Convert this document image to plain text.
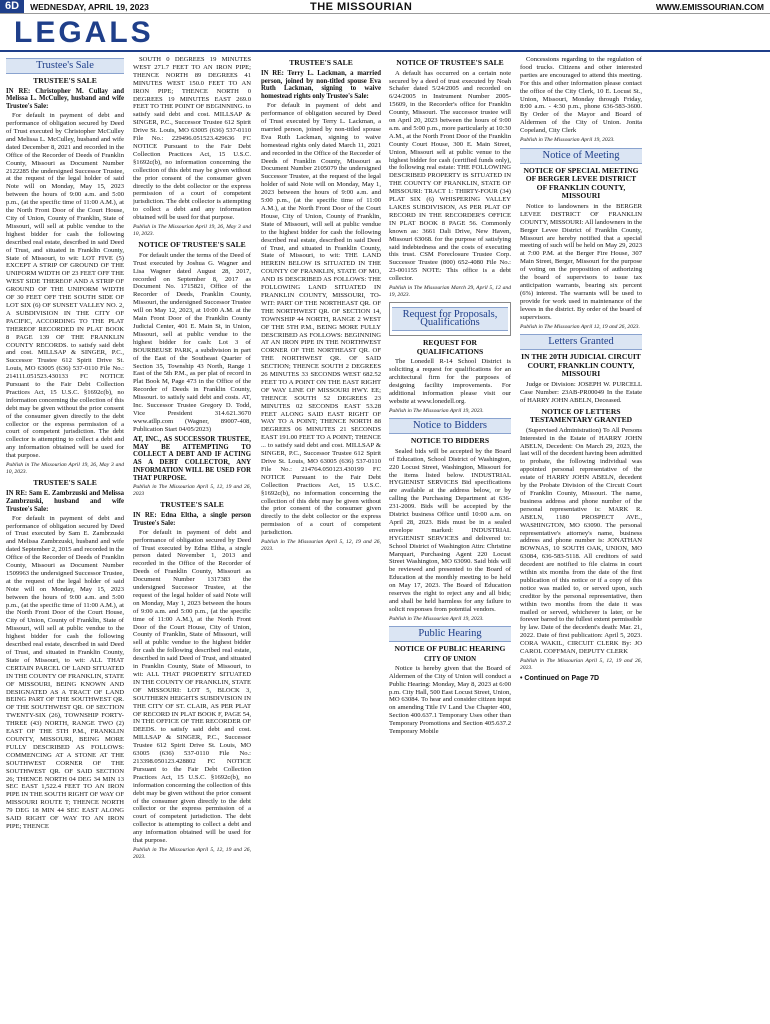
6D	WEDNESDAY, APRIL 19, 2023	THE MISSOURIAN	WWW.EMISSOURIAN.COM
LEGALS
Trustee's Sale
TRUSTEE'S SALE
IN RE: Christopher M. Cullay and Melissa L. McCulley, husband and wife Trustee's Sale:
For default in payment of debt and performance of obligation secured by Deed of Trust executed by Christopher McCulley and Melissa L. McCulley, husband and wife dated December 8, 2021 and recorded in the Office of the Recorder of Deeds of Franklin County, Missouri as Document Number 2122285 the undersigned Successor Trustee, at the request of the legal holder of said Note will on Monday, May 15, 2023 between the hours of 9:00 a.m. and 5:00 p.m., (at the specific time of 11:00 A.M.), at the North Front Door of the Court House, City of Union, County of Franklin, State of Missouri, will sell at public vendue to the highest bidder for cash the following described real estate, described in said Deed of Trust, and situated in Franklin County, State of Missouri, to wit: LOT FIVE (5) EXCEPT A STRIP OF GROUND OF THE UNIFORM WIDTH OF 23 FEET OFF THE WEST SIDE THEREOF AND A STRIP OF GROUND OF THE UNIFORM WIDTH OF 30 FEET OFF THE SOUTH SIDE OF LOT SIX (6) OF SUNSET VALLEY NO. 2, A SUBDIVISION IN THE CITY OF PACIFIC, ACCORDING TO THE PLAT THEREOF RECORDED IN PLAT BOOK 8 PAGE 139 OF THE FRANKLIN COUNTY RECORDS. to satisfy said debt and cost. MILLSAP & SINGER, P.C., Successor Trustee 612 Spirit Drive St. Louis, MO 63005 (636) 537-0110 File No.: 214111.051523.430133 FC NOTICE Pursuant to the Fair Debt Collection Practices Act, 15 U.S.C. §1692c(b), no information concerning the collection of this debt may be given without the prior consent of the consumer given directly to the debt collector or the express permission of a court of competent jurisdiction. The debt collector is attempting to collect a debt and any information obtained will be used for that purpose.
Publish in The Missourian April 19, 26, May 3 and 10, 2023.
TRUSTEE'S SALE
IN RE: Sam E. Zambrzuski and Melissa Zambrzuski, husband and wife Trustee's Sale:
For default in payment of debt and performance of obligation secured by Deed of Trust executed by Sam E. Zambrzuski and Melissa Zambrzuski, husband and wife dated September 2, 2015 and recorded in the Office of the Recorder of Deeds of Franklin County, Missouri as Document Number 1509963 the undersigned Successor Trustee, at the request of the legal holder of said Note will on Monday, May 15, 2023 between the hours of 9:00 a.m. and 5:00 p.m., (at the specific time of 11:00 A.M.), at the North Front Door of the Court House, City of Union, County of Franklin, State of Missouri, will sell at public vendue to the highest bidder for cash the following described real estate, described in said Deed of Trust, and situated in Franklin County, State of Missouri, to wit: ALL THAT CERTAIN PARCEL OF LAND SITUATED IN THE COUNTY OF FRANKLIN, STATE OF MISSOURI, BEING KNOWN AND DESIGNATED AS A TRACT OF LAND BEING PART OF THE SOUTHWEST QR. OF THE SOUTHWEST QR. OF SECTION TWENTY-SIX (26), TOWNSHIP FORTY-THREE (43) NORTH, RANGE TWO (2) EAST OF THE 5TH P.M., FRANKLIN COUNTY, MISSOURI, BEING MORE FULLY DESCRIBED AS FOLLOWS: COMMENCING AT A STONE AT THE SOUTHWEST CORNER OF THE SOUTHWEST QR. OF SAID SECTION 26; THENCE NORTH 04 DEG 34 MIN 13 SEC EAST 1,522.4 FEET TO AN IRON PIPE IN THE SOUTH RIGHT OF WAY OF MISSOURI ROUTE T; THENCE NORTH 79 DEG 18 MIN 44 SEC EAST ALONG SAID RIGHT OF WAY TO AN IRON PIPE; THENCE
SOUTH 0 DEGREES 19 MINUTES WEST 271.7 FEET TO AN IRON PIPE; THENCE NORTH 89 DEGREES 41 MINUTES WEST 150.0 FEET TO AN IRON PIPE; THENCE NORTH 0 DEGREES 19 MINUTES EAST 269.0 FEET TO THE POINT OF BEGINNING. to satisfy said debt and cost. MILLSAP & SINGER, P.C., Successor Trustee 612 Spirit Drive St. Louis, MO 63005 (636) 537-0110 File No.: 229496.051523.429636 FC NOTICE Pursuant to the Fair Debt Collection Practices Act, 15 U.S.C. §1692c(b), no information concerning the collection of this debt may be given without the prior consent of the consumer given directly to the debt collector or the express permission of a court of competent jurisdiction. The debt collector is attempting to collect a debt and any information obtained will be used for that purpose.
Publish in The Missourian April 19, 26, May 3 and 10, 2023.
NOTICE OF TRUSTEE'S SALE
For default under the terms of the Deed of Trust executed by Joshua G. Wagner and Lisa Wagner dated August 28, 2017, recorded on September 8, 2017 as Document No. 1715821, Office of the Recorder of Deeds, Franklin County, Missouri, the undersigned Successor Trustee will on May 12, 2023, at 10:00 A.M. at the Main Front Door of the Franklin County Judicial Center, 401 E. Main St, in Union, Missouri, sell at public vendue to the highest bidder for cash: Lot 3 of BOURBEUSE PARK, a subdivision in part of the East of the Southeast Quarter of Section 35, Township 43 North, Range 1 East of the 5th P.M., as per plat of record in Plat Book M, Page 473 in the Office of the Recorder of Deeds in Franklin County, Missouri. to satisfy said debt and costs. AT, Inc. Successor Trustee Gregory D. Todd, Vice President 314.621.3670 www.atllp.com (Wagner, 89007-408, Publication Start 04/05/2023)
AT, INC., AS SUCCESSOR TRUSTEE, MAY BE ATTEMPTING TO COLLECT A DEBT AND IF ACTING AS A DEBT COLLECTOR, ANY INFORMATION WILL BE USED FOR THAT PURPOSE.
Publish in The Missourian April 5, 12, 19 and 26, 2023
TRUSTEE'S SALE
IN RE: Edna Eltha, a single person Trustee's Sale:
For default in payment of debt and performance of obligation secured by Deed of Trust executed by Edna Eltha, a single person dated November 1, 2013 and recorded in the Office of the Recorder of Deeds of Franklin County, Missouri as Document Number 1317383 the undersigned Successor Trustee, at the request of the legal holder of said Note will on Monday, May 1, 2023 between the hours of 9:00 a.m. and 5:00 p.m., (at the specific time of 11:00 A.M.), at the North Front Door of the Court House, City of Union, County of Franklin, State of Missouri, will sell at public vendue to the highest bidder for cash the following described real estate, described in said Deed of Trust, and situated in Franklin County, State of Missouri, to wit: ALL THAT PROPERTY SITUATED IN THE COUNTY OF FRANKLIN, STATE OF MISSOURI: LOT 5, BLOCK 3, SOUTHERN HEIGHTS SUBDIVISION IN THE CITY OF ST. CLAIR, AS PER PLAT OF RECORD IN PLAT BOOK F, PAGE 54, IN THE OFFICE OF THE RECORDER OF DEEDS. to satisfy said debt and cost. MILLSAP & SINGER, P.C., Successor Trustee 612 Spirit Drive St. Louis, MO 63005 (636) 537-0110 File No.: 213398.050123.428802 FC NOTICE Pursuant to the Fair Debt Collection Practices Act, 15 U.S.C. §1692c(b), no information concerning the collection of this debt may be given without the prior consent of the consumer given directly to the debt collector or the express permission of a court of competent jurisdiction. The debt collector is attempting to collect a debt and any information obtained will be used for that purpose.
Publish in The Missourian April 5, 12, 19 and 26, 2023.
TRUSTEE'S SALE
IN RE: Terry L. Lackman, a married person, joined by non-titled spouse Eva Ruth Lackman, signing to waive homestead rights only Trustee's Sale:
For default in payment of debt and performance of obligation secured by Deed of Trust executed by Terry L. Lackman, a married person, joined by non-titled spouse Eva Ruth Lackman, signing to waive homestead rights only dated March 11, 2021 and recorded in the Office of the Recorder of Deeds of Franklin County, Missouri as Document Number 2105079 the undersigned Successor Trustee, at the request of the legal holder of said Note will on Monday, May 1, 2023 between the hours of 9:00 a.m. and 5:00 p.m., (at the specific time of 11:00 A.M.), at the North Front Door of the Court House, City of Union, County of Franklin, State of Missouri, will sell at public vendue to the highest bidder for cash the following described real estate, described in said Deed of Trust, and situated in Franklin County, State of Missouri, to wit: THE LAND HEREIN BELOW IS SITUATED IN THE COUNTY OF FRANKLIN, STATE OF MO, AND IS DESCRIBED AS FOLLOWS: THE FOLLOWING LAND SITUATED IN FRANKLIN COUNTY, MISSOURI, TO-WIT: PART OF THE NORTHEAST QR. OF THE NORTHWEST QR. OF SECTION 14, TOWNSHIP 44 NORTH, RANGE 2 WEST OF THE 5TH P.M., BEING MORE FULLY DESCRIBED AS FOLLOWS: BEGINNING AT AN IRON PIPE IN THE NORTHWEST CORNER OF THE NORTHEAST QR. OF THE NORTHWEST QR. OF SAID SECTION; THENCE SOUTH 2 DEGREES 26 MINUTES 33 SECONDS WEST 682.52 FEET TO A POINT ON THE EAST RIGHT OF WAY LINE OF MISSOURI HWY. EE; THENCE SOUTH 52 DEGREES 23 MINUTES 02 SECONDS EAST 53.28 FEET ALONG SAID EAST RIGHT OF WAY TO A POINT; THENCE NORTH 88 DEGREES 06 MINUTES 21 SECONDS EAST 191.00 FEET TO A POINT; THENCE ... to satisfy said debt and cost. MILLSAP & SINGER, P.C., Successor Trustee 612 Spirit Drive St. Louis, MO 63005 (636) 537-0110 File No.: 214764.050123.430199 FC NOTICE Pursuant to the Fair Debt Collection Practices Act, 15 U.S.C. §1692c(b), no information concerning the collection of this debt may be given without the prior consent of the consumer given directly to the debt collector or the express permission of a court of competent jurisdiction.
Publish in The Missourian April 5, 12, 19 and 26, 2023.
NOTICE OF TRUSTEE'S SALE
A default has occurred on a certain note secured by a deed of trust executed by Noah Schafer dated 5/24/2005 and recorded on 6/24/2005 in Instrument Number 2005-15609, in the Recorder's office for Franklin County, Missouri. The successor trustee will on April 20, 2023 between the hours of 9:00 a.m. and 5:00 p.m., more particularly at 10:30 A.M., at the North Front Door of the Franklin County Court House, 300 E. Main Street, Union, Missouri sell at public venue to the highest bidder for cash (certified funds only), the following real estate: THE FOLLOWING DESCRIBED PROPERTY IS SITUATED IN THE COUNTY OF FRANKLIN, STATE OF MISSOURI: TRACT 1: THIRTY-FOUR (34) PLAT SIX (6) WHISPERING VALLEY LAKES SUBDIVISION, AS PER PLAT OF RECORD IN THE RECORDER'S OFFICE IN PLAT BOOK 8 PAGE 56. Commonly known as: 3661 Dali Drive, New Haven, Missouri 63068. for the purpose of satisfying said indebtedness and the costs of executing this trust. CSM Foreclosure Trustee Corp. Successor Trustee (800) 652-4080 File No.: 23-001155 NOTE: This office is a debt collector.
Publish in The Missourian March 29, April 5, 12 and 19, 2023.
Request for Proposals, Qualifications
REQUEST FOR QUALIFICATIONS
The Lonedell R-14 School District is soliciting a request for qualifications for an architectural firm for the purposes of designing facility improvements. For additional information please visit our website at www.lonedell.org.
Publish in The Missourian April 19, 2023.
Notice to Bidders
NOTICE TO BIDDERS
Sealed bids will be accepted by the Board of Education, School District of Washington, 220 Locust Street, Washington, Missouri for the items listed below. INDUSTRIAL HYGIENIST SERVICES Bid specifications are available at the address below, or by calling the Purchasing Department at 636-231-2009. Bids will be accepted by the District business Office until 10:00 a.m. on April 28, 2023. Bids must be in a sealed envelope marked: INDUSTRIAL HYGIENIST SERVICES and delivered to: School District of Washington Attn: Christine Marquart, Purchasing Agent 220 Locust Street Washington, MO 63090. Said bids will be reviewed and presented to the Board of Education at the monthly meeting to be held on May 17, 2023. The Board of Education reserves the right to reject any and all bids; and shall be held harmless for any failure to solicit responses from potential vendors.
Publish in The Missourian April 19, 2023.
Public Hearing
NOTICE OF PUBLIC HEARING
CITY OF UNION
Notice is hereby given that the Board of Aldermen of the City of Union will conduct a Public Hearing: Monday, May 8, 2023 at 6:00 p.m. City Hall, 500 East Locust Street, Union, MO 63084. To hear and consider citizen input on amending Title IV Land Use Chapter 400, Section 400.637.1 Temporary Uses other than Temporary Promotions and Section 405.637.2 Temporary Mobile
Concessions regarding to the regulation of food trucks. Citizens and other interested parties are encouraged to attend this meeting. For this and other information please contact the office of the City Clerk, 10 E. Locust St., Union, Missouri, Monday through Friday, 8:00 a.m. - 4:30 p.m., phone 636-583-3600. By Order of the Mayor and Board of Aldermen of the City of Union. Jonita Copeland, City Clerk
Publish in The Missourian April 19, 2023.
Notice of Meeting
NOTICE OF SPECIAL MEETING OF BERGER LEVEE DISTRICT OF FRANKLIN COUNTY, MISSOURI
Notice to landowners in the BERGER LEVEE DISTRICT OF FRANKLIN COUNTY, MISSOURI: All landowners in the Berger Levee District of Franklin County, Missouri are hereby notified that a special meeting of such will be held on May 29, 2023 at 7:00 P.M. at the Berger Fire House, 307 Main Street, Berger, Missouri for the purpose of voting on the proposition of authorizing the board of supervisors to issue tax anticipation warrants, bearing six percent (6%) interest. The warrants will be used to provide for work used in maintenance of the levees in the district. By order of the board of supervisors.
Publish in The Missourian April 12, 19 and 26, 2023.
Letters Granted
IN THE 20TH JUDICIAL CIRCUIT COURT, FRANKLIN COUNTY, MISSOURI
Judge or Division: JOSEPH W. PURCELL Case Number: 23AB-PR00049 In the Estate of HARRY JOHN ABELN, Deceased.
NOTICE OF LETTERS TESTAMENTARY GRANTED
(Supervised Administration) To All Persons Interested in the Estate of HARRY JOHN ABELN, Decedent: On March 29, 2023, the last will of the decedent having been admitted to probate, the following individual was appointed personal representative of the estate of HARRY JOHN ABELN, decedent by the Probate Division of the Circuit Court of Franklin County, Missouri. The name, business address and phone number of the personal representative is: MARK R. ABELN, 1180 PROSPECT AVE., WASHINGTON, MO 63090. The personal representative's attorney's name, business address and phone number is: JONATHAN BOWNAS, 10 SOUTH OAK, UNION, MO 63084, 636-583-5118. All creditors of said decedent are notified to file claims in court within six months from the date of the first publication of this notice or if a copy of this notice was mailed to, or served upon, such creditor by the personal representative, then within two months from the date it was mailed or served, whichever is later, or be forever barred to the fullest extent permissible by law. Date of the decedent's death: Mar. 21, 2022. Date of first publication: April 5, 2023. CORA WAKIL, CIRCUIT CLERK By: JO CAROL COFFMAN, DEPUTY CLERK
Publish in The Missourian April 5, 12, 19 and 26, 2023.
• Continued on Page 7D
